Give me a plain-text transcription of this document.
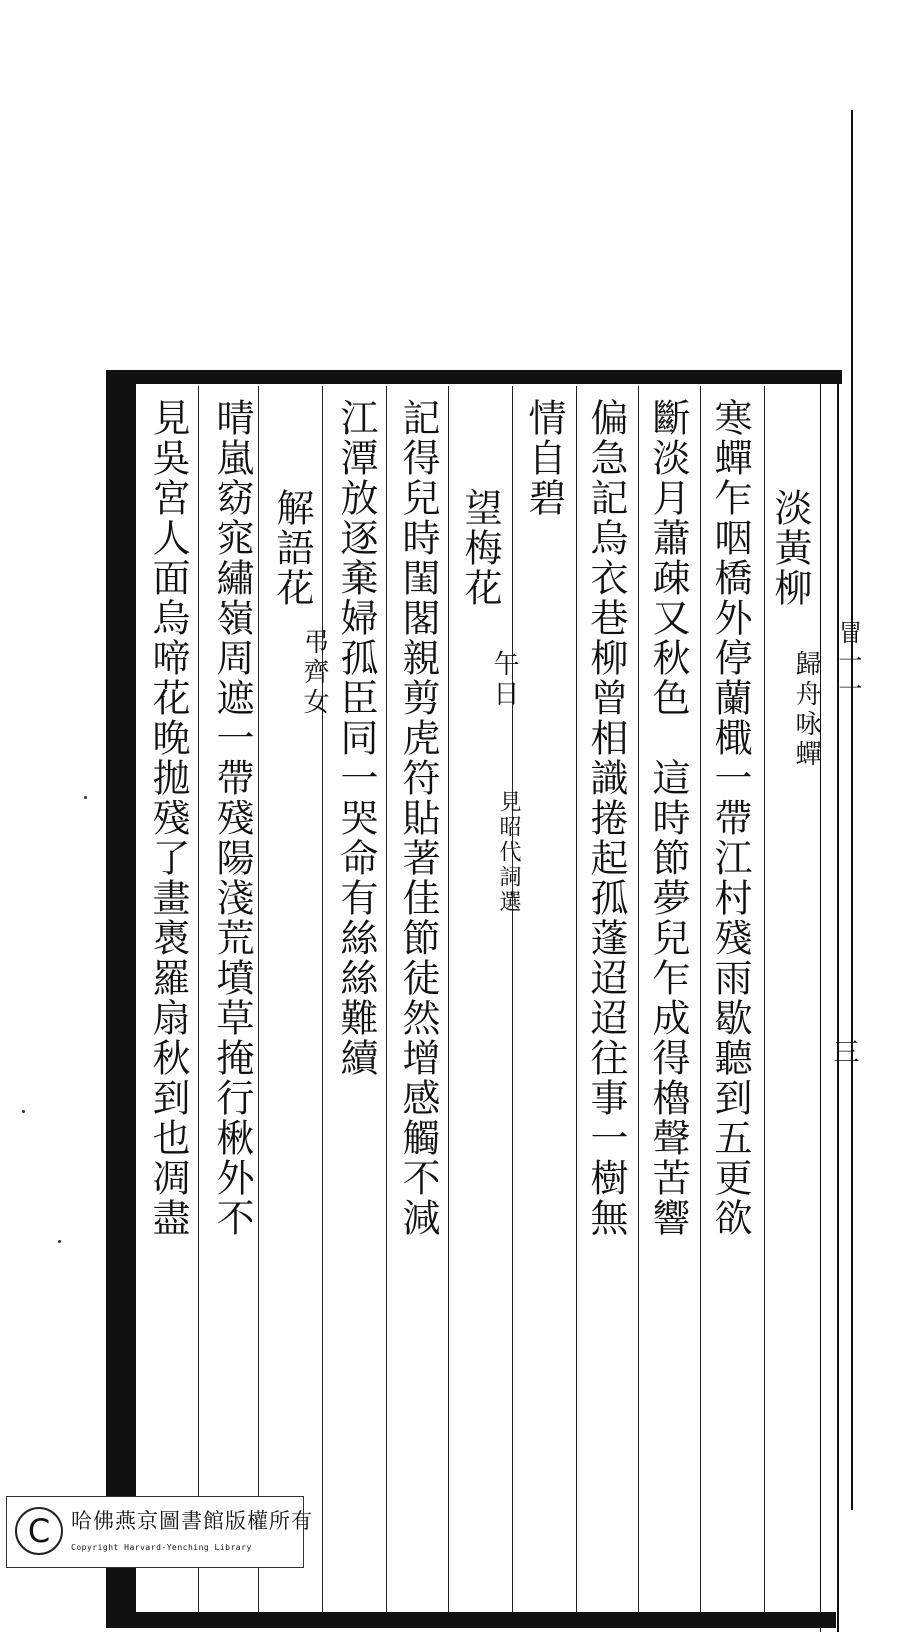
淡黃柳
歸舟咏蟬
寒蟬乍咽橋外停蘭檝一帶江村殘雨歇聽到五更欲
斷淡月蕭疎又秋色　這時節夢兒乍成得櫓聲苦響
偏急記烏衣巷柳曾相識捲起孤蓬迢迢往事一樹無
情自碧
望梅花
午日
見昭代詞選
記得兒時閨閣親剪虎符貼著佳節徒然增感觸不減
江潭放逐棄婦孤臣同一哭命有絲絲難續
解語花
弔齊女
晴嵐窈窕繡嶺周遮一帶殘陽淺荒墳草掩行楸外不
見吳宮人面烏啼花晚拋殘了畫褭羅扇秋到也凋盡	冒一一
三
C 哈佛燕京圖書館版權所有
Copyright Harvard-Yenching Library
